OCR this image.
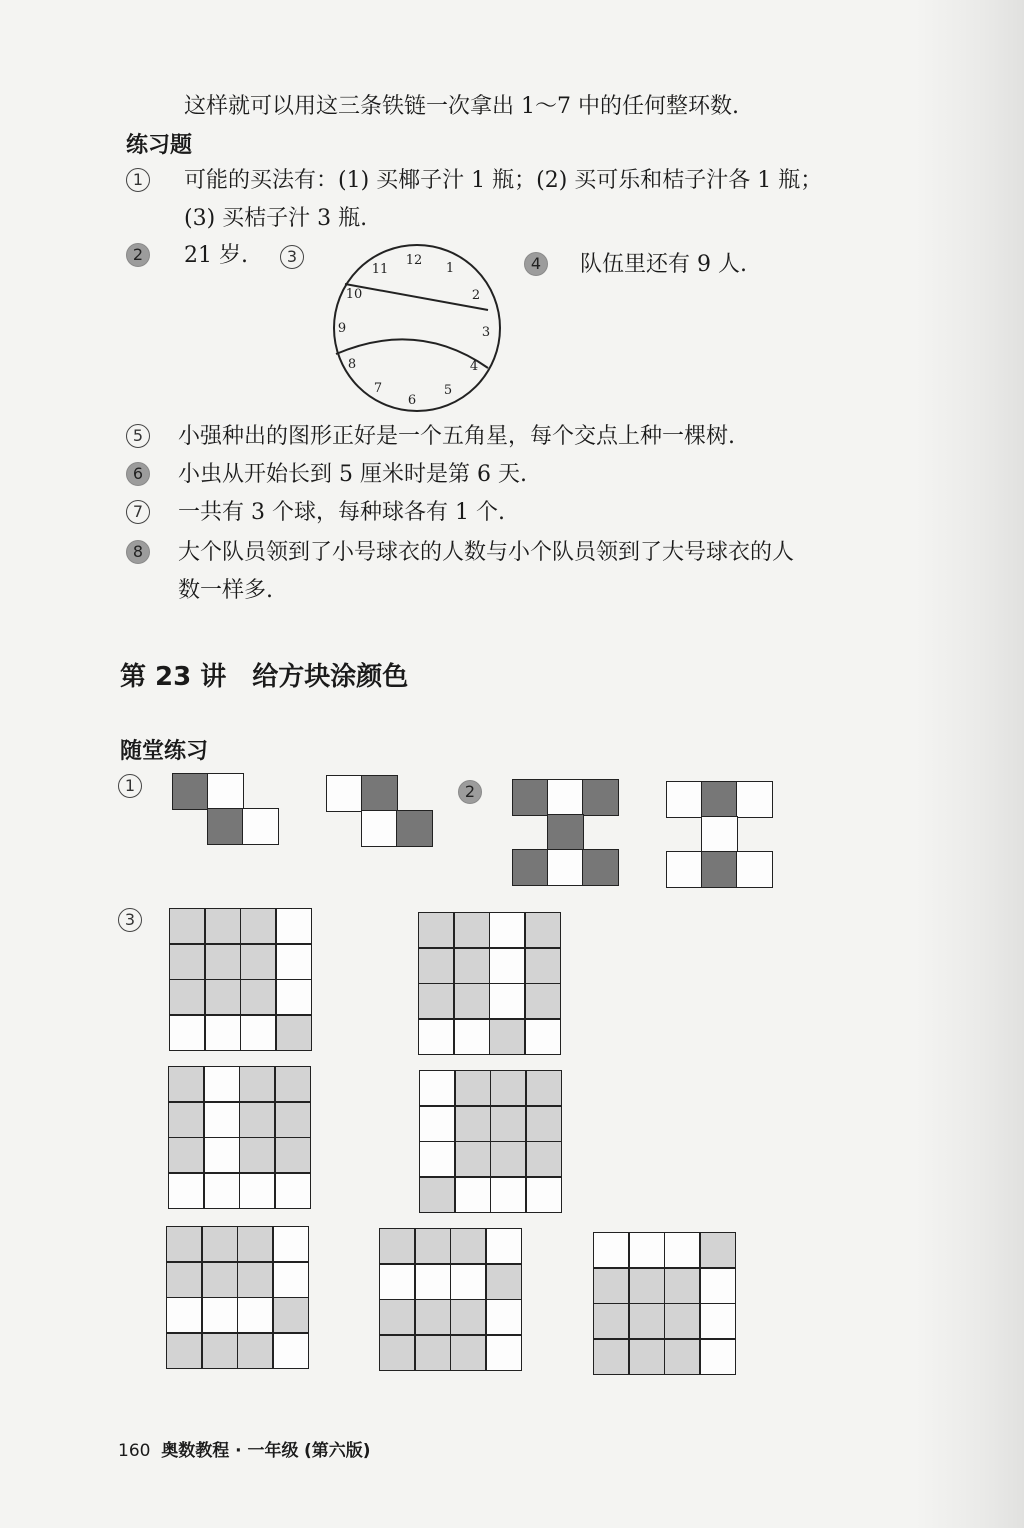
这样就可以用这三条铁链一次拿出 1～7 中的任何整环数.
练习题
1	可能的买法有：(1) 买椰子汁 1 瓶；(2) 买可乐和桔子汁各 1 瓶；
(3) 买桔子汁 3 瓶.
2	21 岁.	3	12
1
2
3
4
5
6
7
8
9
10
11	4	队伍里还有 9 人.
5	小强种出的图形正好是一个五角星，每个交点上种一棵树.
6	小虫从开始长到 5 厘米时是第 6 天.
7	一共有 3 个球，每种球各有 1 个.
8	大个队员领到了小号球衣的人数与小个队员领到了大号球衣的人
数一样多.
第 23 讲　给方块涂颜色
随堂练习
1	2
3
160 奥数教程 · 一年级 (第六版)
